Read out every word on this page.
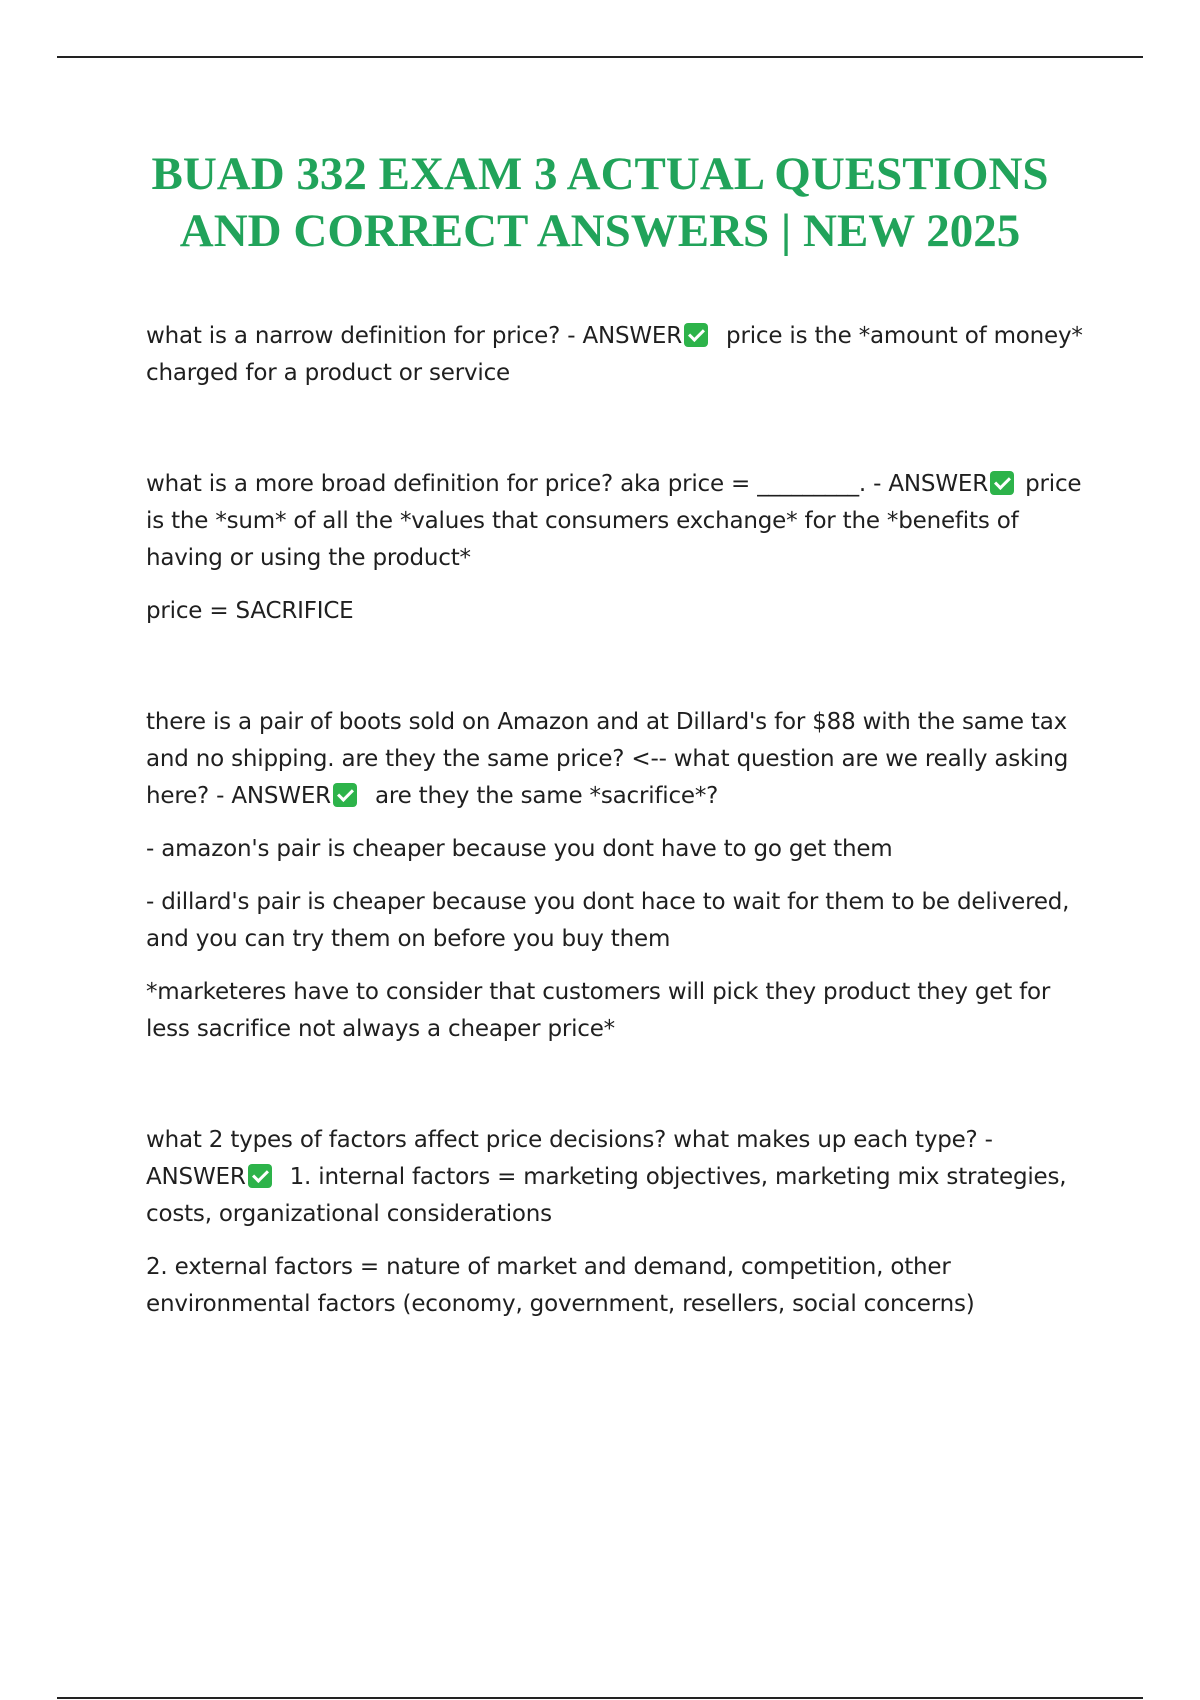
BUAD 332 EXAM 3 ACTUAL QUESTIONS
AND CORRECT ANSWERS | NEW 2025

what is a narrow definition for price? - ANSWER price is the *amount of money* charged for a product or service

what is a more broad definition for price? aka price = _________. - ANSWER price is the *sum* of all the *values that consumers exchange* for the *benefits of having or using the product*

price = SACRIFICE

there is a pair of boots sold on Amazon and at Dillard's for $88 with the same tax and no shipping. are they the same price? <-- what question are we really asking here? - ANSWER are they the same *sacrifice*?

- amazon's pair is cheaper because you dont have to go get them

- dillard's pair is cheaper because you dont hace to wait for them to be delivered, and you can try them on before you buy them

*marketeres have to consider that customers will pick they product they get for less sacrifice not always a cheaper price*

what 2 types of factors affect price decisions? what makes up each type? - ANSWER 1. internal factors = marketing objectives, marketing mix strategies, costs, organizational considerations

2. external factors = nature of market and demand, competition, other environmental factors (economy, government, resellers, social concerns)
